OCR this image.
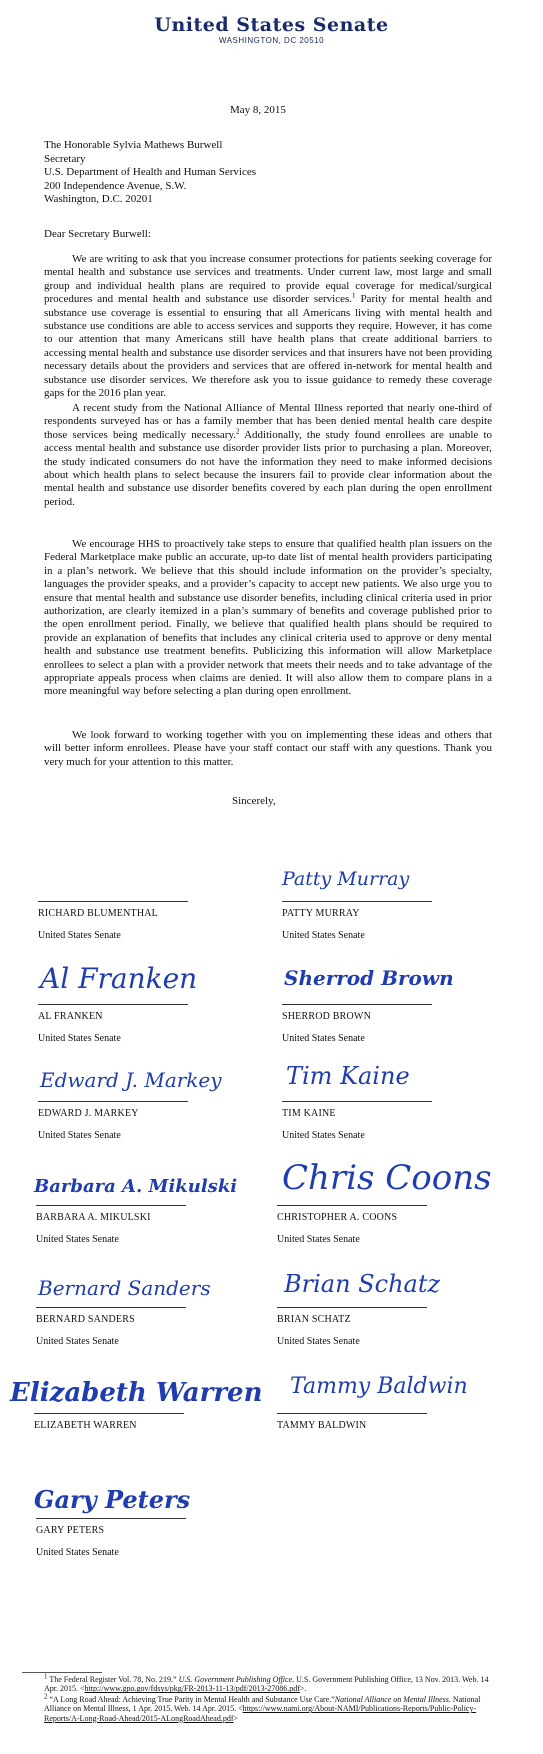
United States Senate
WASHINGTON, DC 20510
May 8, 2015
The Honorable Sylvia Mathews Burwell
Secretary
U.S. Department of Health and Human Services
200 Independence Avenue, S.W.
Washington, D.C. 20201
Dear Secretary Burwell:

We are writing to ask that you increase consumer protections for patients seeking coverage for mental health and substance use services and treatments. Under current law, most large and small group and individual health plans are required to provide equal coverage for medical/surgical procedures and mental health and substance use disorder services.$^1$ Parity for mental health and substance use coverage is essential to ensuring that all Americans living with mental health and substance use conditions are able to access services and supports they require. However, it has come to our attention that many Americans still have health plans that create additional barriers to accessing mental health and substance use disorder services and that insurers have not been providing necessary details about the providers and services that are offered in-network for mental health and substance use disorder services. We therefore ask you to issue guidance to remedy these coverage gaps for the 2016 plan year.

A recent study from the National Alliance of Mental Illness reported that nearly one-third of respondents surveyed has or has a family member that has been denied mental health care despite those services being medically necessary.$^2$ Additionally, the study found enrollees are unable to access mental health and substance use disorder provider lists prior to purchasing a plan. Moreover, the study indicated consumers do not have the information they need to make informed decisions about which health plans to select because the insurers fail to provide clear information about the mental health and substance use disorder benefits covered by each plan during the open enrollment period.

We encourage HHS to proactively take steps to ensure that qualified health plan issuers on the Federal Marketplace make public an accurate, up-to date list of mental health providers participating in a plan’s network. We believe that this should include information on the provider’s specialty, languages the provider speaks, and a provider’s capacity to accept new patients. We also urge you to ensure that mental health and substance use disorder benefits, including clinical criteria used in prior authorization, are clearly itemized in a plan’s summary of benefits and coverage published prior to the open enrollment period. Finally, we believe that qualified health plans should be required to provide an explanation of benefits that includes any clinical criteria used to approve or deny mental health and substance use treatment benefits. Publicizing this information will allow Marketplace enrollees to select a plan with a provider network that meets their needs and to take advantage of the appropriate appeals process when claims are denied. It will also allow them to compare plans in a more meaningful way before selecting a plan during open enrollment.

We look forward to working together with you on implementing these ideas and others that will better inform enrollees. Please have your staff contact our staff with any questions. Thank you very much for your attention to this matter.

Sincerely,
RICHARD BLUMENTHAL
United States Senate
Patty Murray
PATTY MURRAY
United States Senate
Al Franken
AL FRANKEN
United States Senate
Sherrod Brown
SHERROD BROWN
United States Senate
Edward J. Markey
EDWARD J. MARKEY
United States Senate
Tim Kaine
TIM KAINE
United States Senate
Barbara A. Mikulski
BARBARA A. MIKULSKI
United States Senate
Chris Coons
CHRISTOPHER A. COONS
United States Senate
Bernard Sanders
BERNARD SANDERS
United States Senate
Brian Schatz
BRIAN SCHATZ
United States Senate
Elizabeth Warren
ELIZABETH WARREN
Tammy Baldwin
TAMMY BALDWIN
Gary Peters
GARY PETERS
United States Senate

$^1$ The Federal Register Vol. 78, No. 219.” U.S. Government Publishing Office. U.S. Government Publishing Office, 13 Nov. 2013. Web. 14 Apr. 2015. <http://www.gpo.gov/fdsys/pkg/FR-2013-11-13/pdf/2013-27086.pdf>.

$^2$ “A Long Road Ahead: Achieving True Parity in Mental Health and Substance Use Care.”National Alliance on Mental Illness. National Alliance on Mental Illness, 1 Apr. 2015. Web. 14 Apr. 2015. <https://www.nami.org/About-NAMI/Publications-Reports/Public-Policy-Reports/A-Long-Road-Ahead/2015-ALongRoadAhead.pdf>
